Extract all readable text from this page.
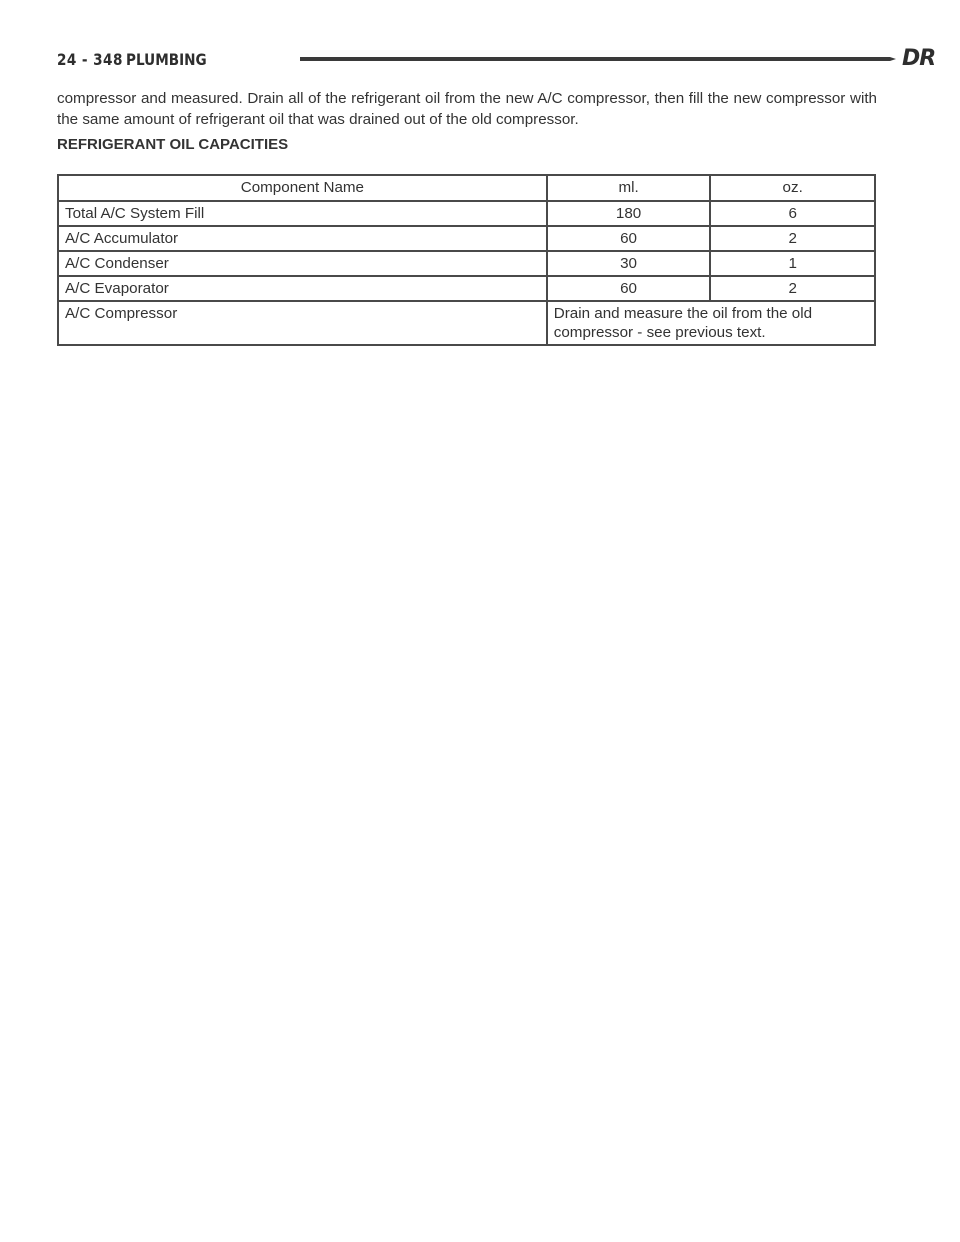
24 - 348 PLUMBING	DR
compressor and measured. Drain all of the refrigerant oil from the new A/C compressor, then fill the new compressor with the same amount of refrigerant oil that was drained out of the old compressor.
REFRIGERANT OIL CAPACITIES
Component Name	ml.	oz.
Total A/C System Fill	180	6
A/C Accumulator	60	2
A/C Condenser	30	1
A/C Evaporator	60	2
A/C Compressor	Drain and measure the oil from the old compressor - see previous text.	
